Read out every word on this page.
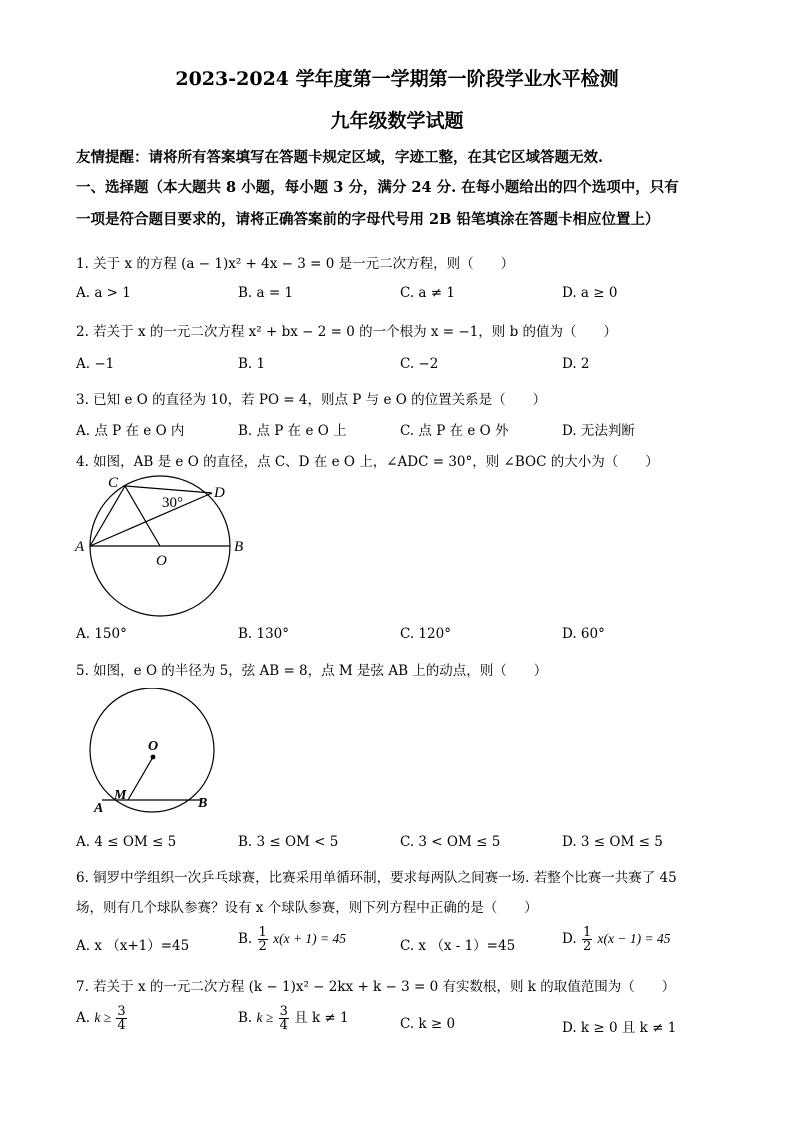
2023-2024 学年度第一学期第一阶段学业水平检测
九年级数学试题
友情提醒：请将所有答案填写在答题卡规定区域，字迹工整，在其它区域答题无效.
一、选择题（本大题共 8 小题，每小题 3 分，满分 24 分. 在每小题给出的四个选项中，只有
一项是符合题目要求的，请将正确答案前的字母代号用 2B 铅笔填涂在答题卡相应位置上）
1. 关于 x 的方程 (a − 1)x² + 4x − 3 = 0 是一元二次方程，则（　　）
A. a > 1	B. a = 1	C. a ≠ 1	D. a ≥ 0
2. 若关于 x 的一元二次方程 x² + bx − 2 = 0 的一个根为 x = −1，则 b 的值为（　　）
A. −1	B. 1	C. −2	D. 2
3. 已知 e O 的直径为 10，若 PO = 4，则点 P 与 e O 的位置关系是（　　）
A. 点 P 在 e O 内	B. 点 P 在 e O 上	C. 点 P 在 e O 外	D. 无法判断
4. 如图，AB 是 e O 的直径，点 C、D 在 e O 上，∠ADC = 30°，则 ∠BOC 的大小为（　　）
C
D
A	B
O
30°
A. 150°	B. 130°	C. 120°	D. 60°
5. 如图，e O 的半径为 5，弦 AB = 8，点 M 是弦 AB 上的动点，则（　　）
O
M
A	B
A. 4 ≤ OM ≤ 5	B. 3 ≤ OM < 5	C. 3 < OM ≤ 5	D. 3 ≤ OM ≤ 5
6. 铜罗中学组织一次乒乓球赛，比赛采用单循环制，要求每两队之间赛一场. 若整个比赛一共赛了 45
场，则有几个球队参赛？设有 x 个球队参赛，则下列方程中正确的是（　　）
A. x （x+1）=45	B. $\frac{1}{2} x(x + 1) = 45$	C. x （x - 1）=45	D. $\frac{1}{2} x(x - 1) = 45$
7. 若关于 x 的一元二次方程 (k − 1)x² − 2kx + k − 3 = 0 有实数根，则 k 的取值范围为（　　）
A. $k \ge \frac{3}{4}$	B. $k \ge \frac{3}{4}$ 且 k ≠ 1	C. k ≥ 0	D. k ≥ 0 且 k ≠ 1
